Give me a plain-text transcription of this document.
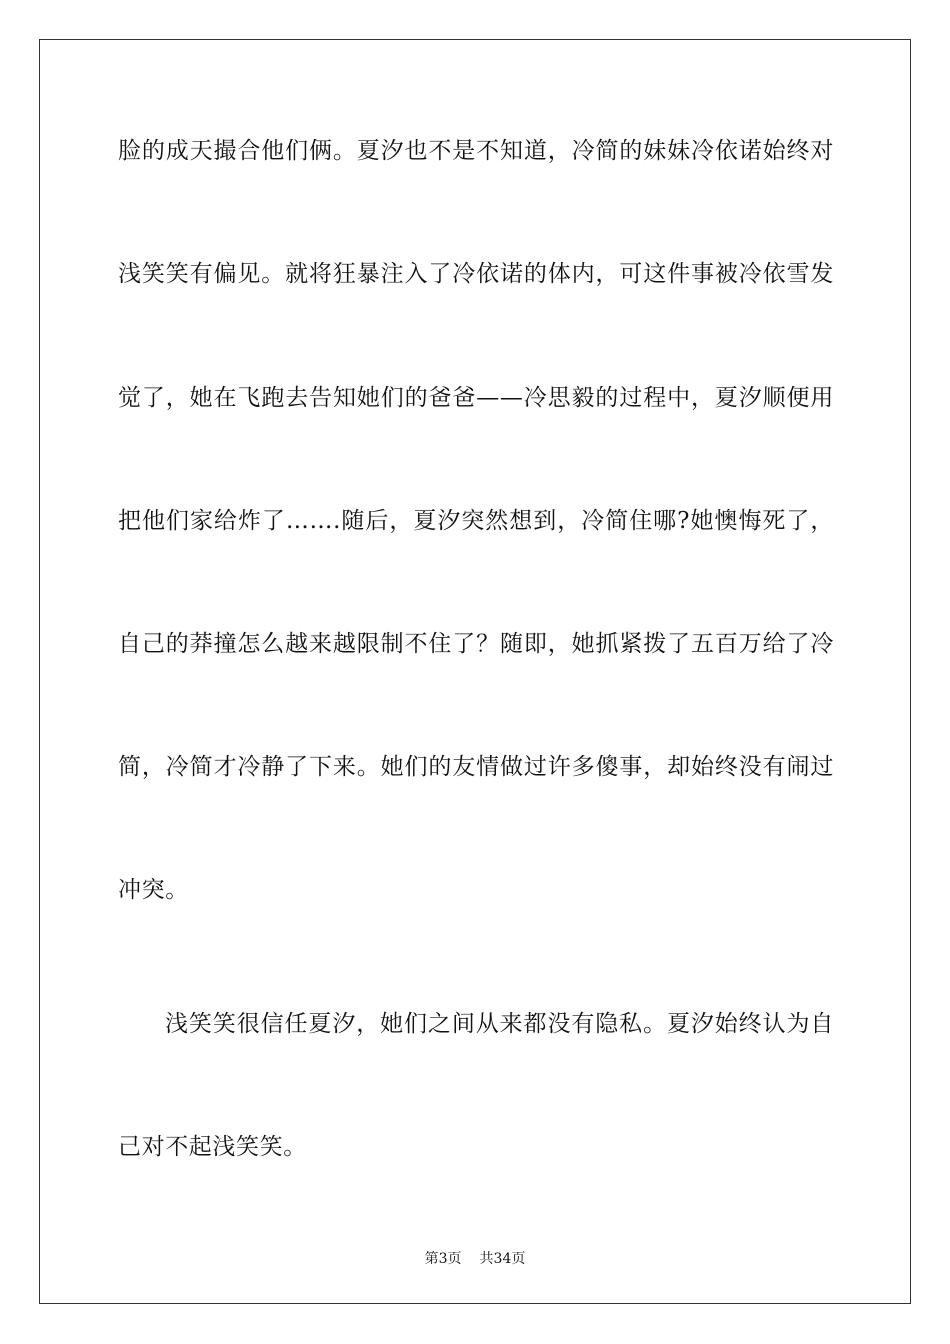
脸的成天撮合他们俩。夏汐也不是不知道，冷简的妹妹冷依诺始终对
浅笑笑有偏见。就将狂暴注入了冷依诺的体内，可这件事被冷依雪发
觉了，她在飞跑去告知她们的爸爸——冷思毅的过程中，夏汐顺便用
把他们家给炸了…….随后，夏汐突然想到，冷简住哪?她懊悔死了，
自己的莽撞怎么越来越限制不住了？随即，她抓紧拨了五百万给了冷
简，冷简才冷静了下来。她们的友情做过许多傻事，却始终没有闹过
冲突。
浅笑笑很信任夏汐，她们之间从来都没有隐私。夏汐始终认为自
己对不起浅笑笑。
第3页 共34页
